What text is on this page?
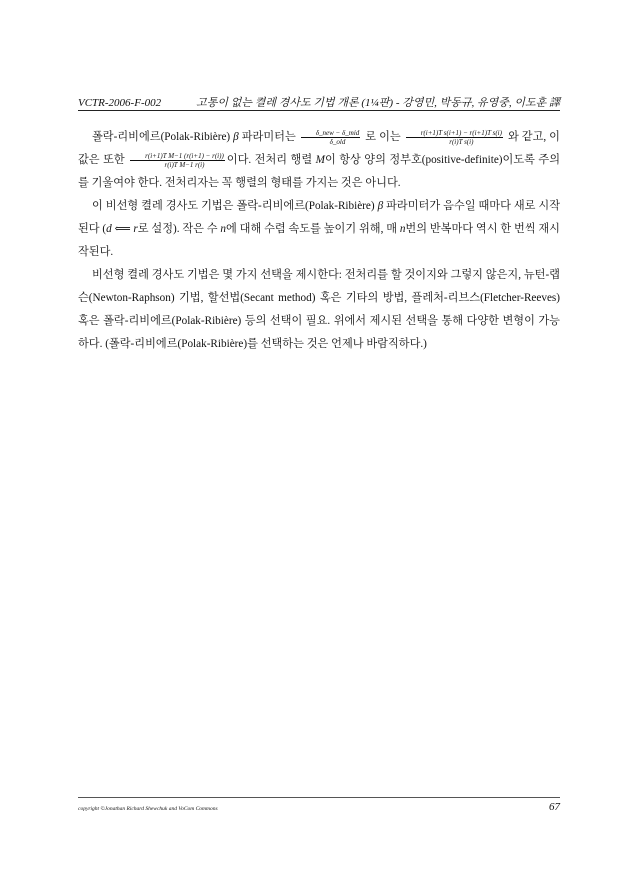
VCTR-2006-F-002	고통이 없는 켤레 경사도 기법 개론 (1¼판) - 강영민, 박동규, 유영중, 이도훈 譯

폴락-리비에르(Polak-Ribière) β 파라미터는 $\frac{\text{δ\_new − δ\_mid}}{\text{δ\_old}}$ 로 이는 $\frac{\text{r(i+1)T s(i+1) − r(i+1)T s(i)}}{\text{r(i)T s(i)}}$ 와 같고, 이 값은 또한 $\frac{\text{r(i+1)T M−1 (r(i+1) − r(i))}}{\text{r(i)T M−1 r(i)}}$ 이다. 전처리 행렬 M이 항상 양의 정부호(positive-definite)이도록 주의를 기울여야 한다. 전처리자는 꼭 행렬의 형태를 가지는 것은 아니다.

이 비선형 켤레 경사도 기법은 폴락-리비에르(Polak-Ribière) β 파라미터가 음수일 때마다 새로 시작된다 (d ⟸ r로 설정). 작은 수 n에 대해 수렴 속도를 높이기 위해, 매 n번의 반복마다 역시 한 번씩 재시작된다.

비선형 켤레 경사도 기법은 몇 가지 선택을 제시한다: 전처리를 할 것이지와 그렇지 않은지, 뉴턴-랩슨(Newton-Raphson) 기법, 할선법(Secant method) 혹은 기타의 방법, 플레처-리브스(Fletcher-Reeves) 혹은 폴락-리비에르(Polak-Ribière) 등의 선택이 필요. 위에서 제시된 선택을 통해 다양한 변형이 가능하다. (폴락-리비에르(Polak-Ribière)를 선택하는 것은 언제나 바람직하다.)

copyright ©Jonathan Richard Shewchuk and VoCom Commons	67
